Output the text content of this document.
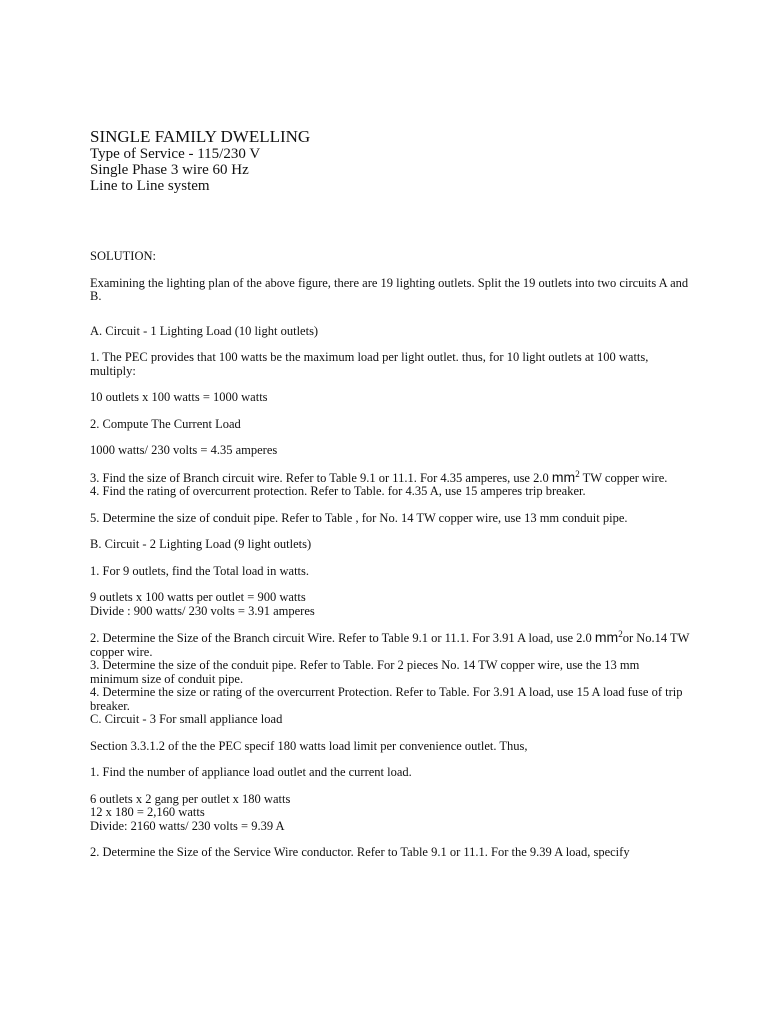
SINGLE FAMILY DWELLING

Type of Service - 115/230 V

Single Phase 3 wire 60 Hz

Line to Line system

SOLUTION:

Examining the lighting plan of the above figure, there are 19 lighting outlets. Split the 19 outlets into two circuits A and B.

A. Circuit - 1 Lighting Load (10 light outlets)

1. The PEC provides that 100 watts be the maximum load per light outlet. thus, for 10 light outlets at 100 watts, multiply:

10 outlets x 100 watts = 1000 watts

2. Compute The Current Load

1000 watts/ 230 volts = 4.35 amperes

3. Find the size of Branch circuit wire. Refer to Table 9.1 or 11.1. For 4.35 amperes, use 2.0 $mm^2$ TW copper wire.

4. Find the rating of overcurrent protection. Refer to Table. for 4.35 A, use 15 amperes trip breaker.

5. Determine the size of conduit pipe. Refer to Table , for No. 14 TW copper wire, use 13 mm conduit pipe.

B. Circuit - 2 Lighting Load (9 light outlets)

1. For 9 outlets, find the Total load in watts.

9 outlets x 100 watts per outlet = 900 watts

Divide : 900 watts/ 230 volts = 3.91 amperes

2. Determine the Size of the Branch circuit Wire. Refer to Table 9.1 or 11.1. For 3.91 A load, use 2.0 $mm^2or$ No.14 TW copper wire.

3. Determine the size of the conduit pipe. Refer to Table. For 2 pieces No. 14 TW copper wire, use the 13 mm minimum size of conduit pipe.

4. Determine the size or rating of the overcurrent Protection. Refer to Table. For 3.91 A load, use 15 A load fuse of trip breaker.

C. Circuit - 3 For small appliance load

Section 3.3.1.2 of the the PEC specif 180 watts load limit per convenience outlet. Thus,

1. Find the number of appliance load outlet and the current load.

6 outlets x 2 gang per outlet x 180 watts

12 x 180 = 2,160 watts

Divide: 2160 watts/ 230 volts = 9.39 A

2. Determine the Size of the Service Wire conductor. Refer to Table 9.1 or 11.1. For the 9.39 A load, specify
